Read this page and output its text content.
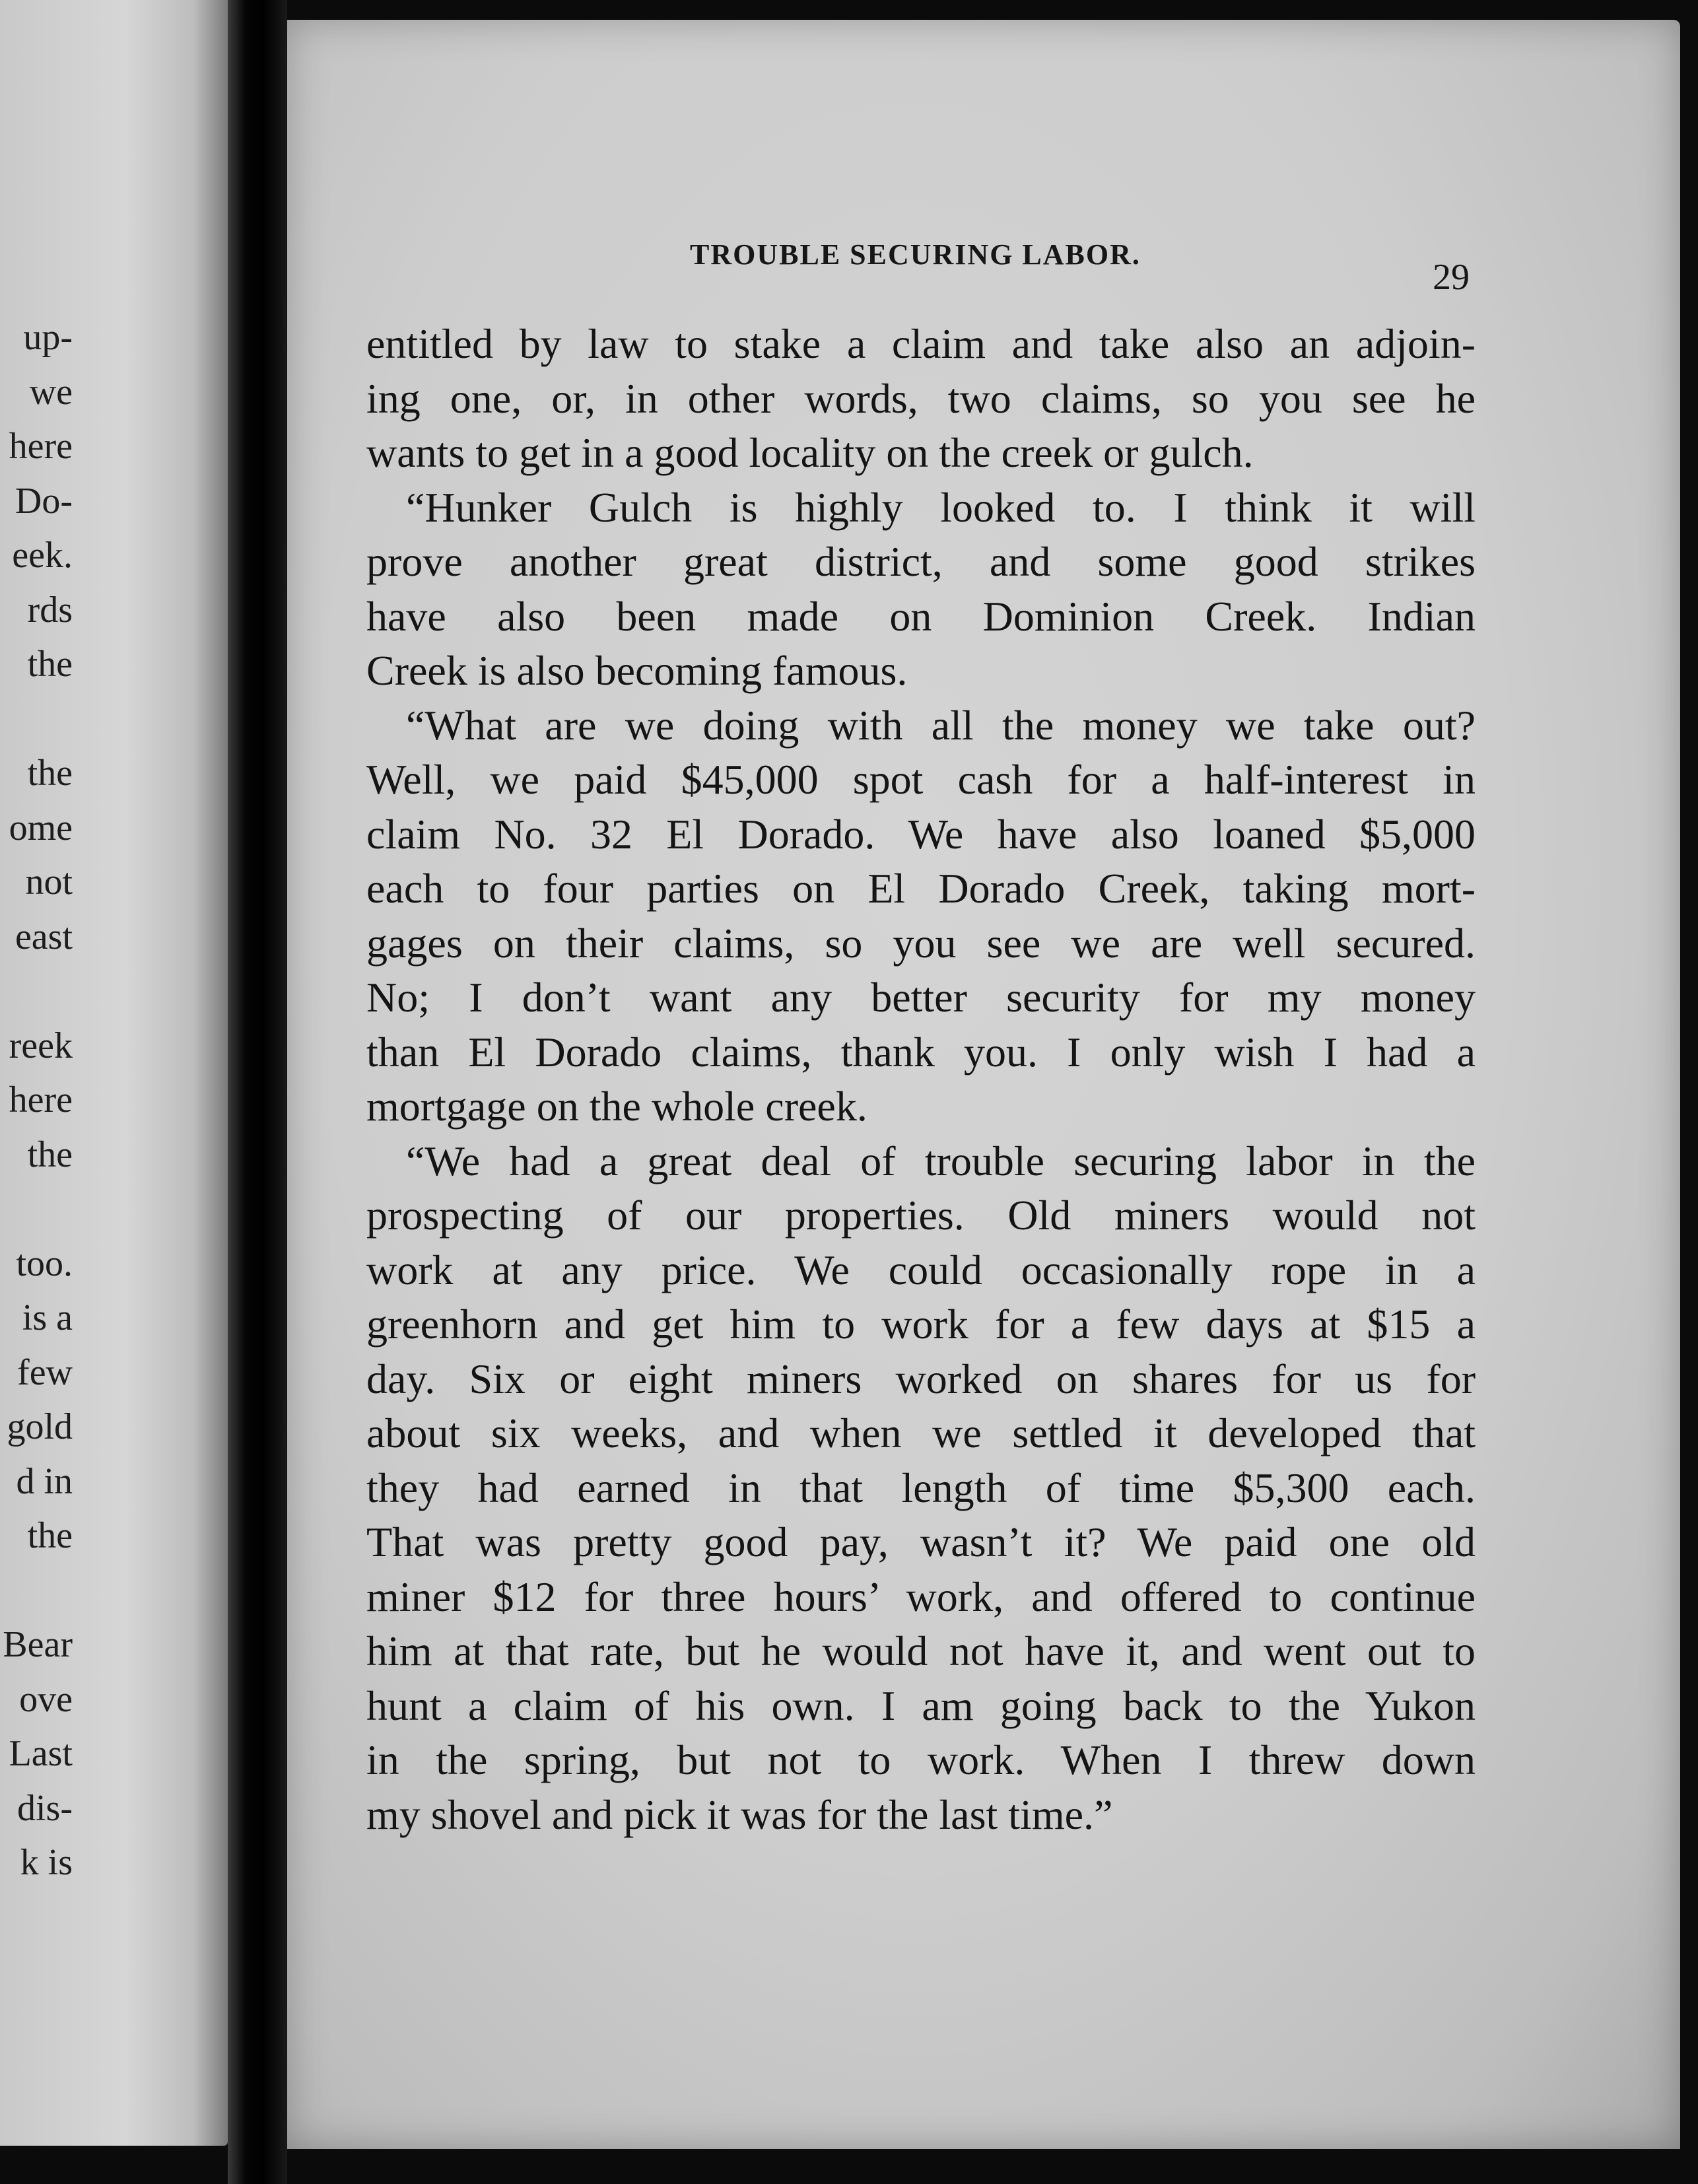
up-
we
here
Do-
eek.
rds
the
the
ome
not
east
reek
here
the
too.
is a
few
gold
d in
the
Bear
ove
Last
dis-
k is
TROUBLE SECURING LABOR.
29
entitled by law to stake a claim and take also an adjoin-
ing one, or, in other words, two claims, so you see he
wants to get in a good locality on the creek or gulch.
“Hunker Gulch is highly looked to. I think it will
prove another great district, and some good strikes
have also been made on Dominion Creek. Indian
Creek is also becoming famous.
“What are we doing with all the money we take out?
Well, we paid $45,000 spot cash for a half-interest in
claim No. 32 El Dorado. We have also loaned $5,000
each to four parties on El Dorado Creek, taking mort-
gages on their claims, so you see we are well secured.
No; I don’t want any better security for my money
than El Dorado claims, thank you. I only wish I had a
mortgage on the whole creek.
“We had a great deal of trouble securing labor in the
prospecting of our properties. Old miners would not
work at any price. We could occasionally rope in a
greenhorn and get him to work for a few days at $15 a
day. Six or eight miners worked on shares for us for
about six weeks, and when we settled it developed that
they had earned in that length of time $5,300 each.
That was pretty good pay, wasn’t it? We paid one old
miner $12 for three hours’ work, and offered to continue
him at that rate, but he would not have it, and went out to
hunt a claim of his own. I am going back to the Yukon
in the spring, but not to work. When I threw down
my shovel and pick it was for the last time.”
